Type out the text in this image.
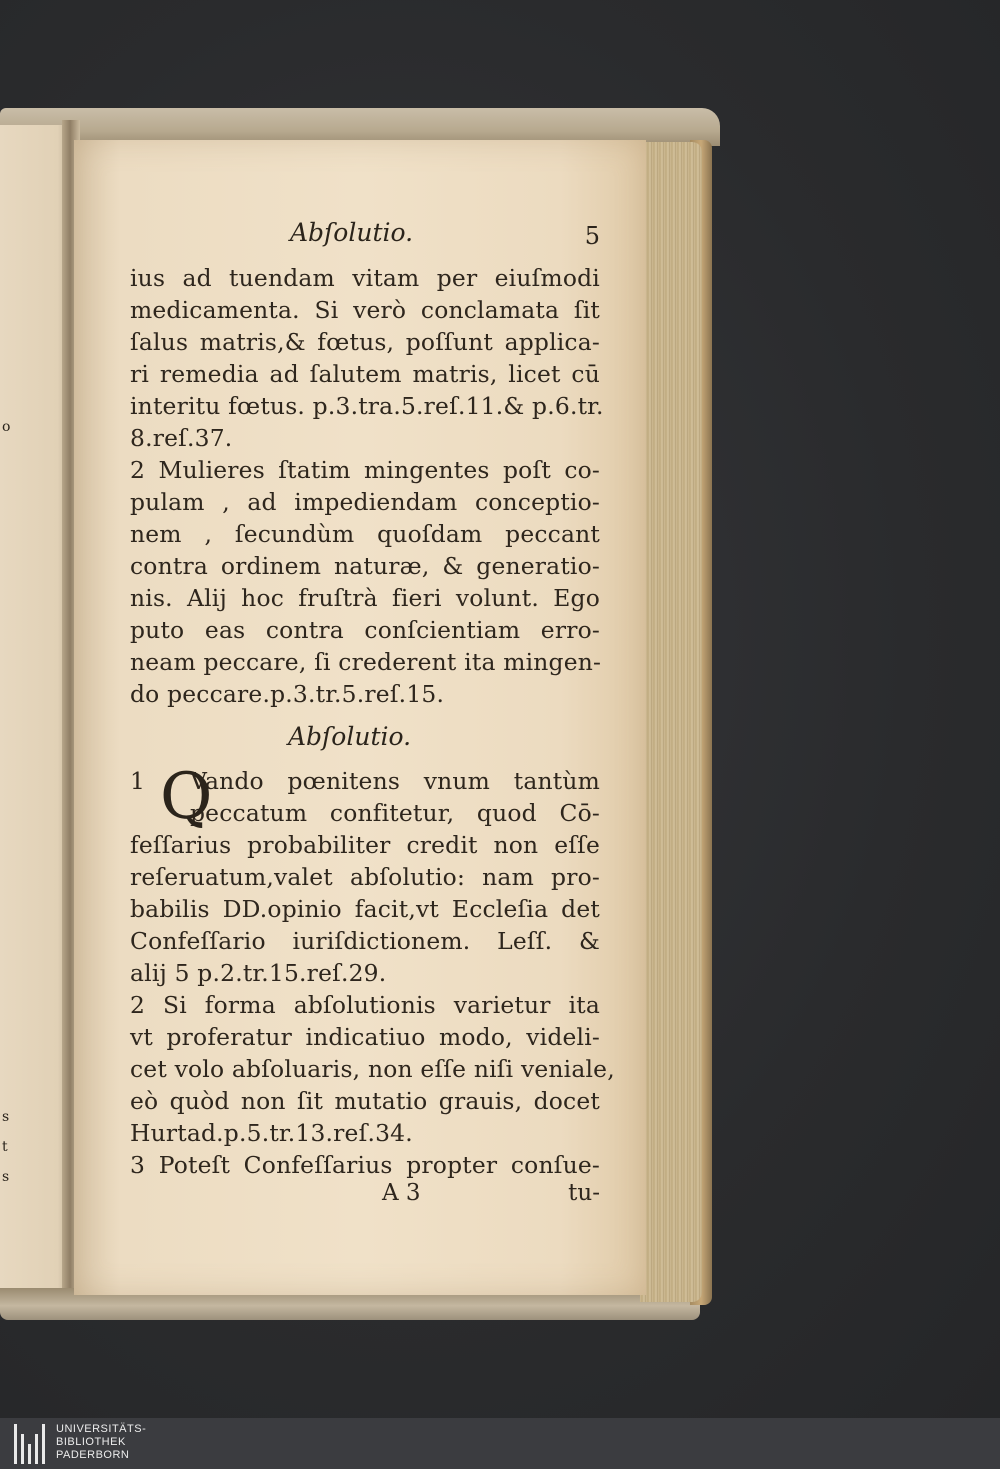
o
s
t
s
Abſolutio.	5
ius ad tuendam vitam per eiuſmodi
medicamenta. Si verò conclamata ſit
ſalus matris,& fœtus, poſſunt applica-
ri remedia ad ſalutem matris, licet cū
interitu fœtus. p.3.tra.5.reſ.11.& p.6.tr.
8.reſ.37.
2 Mulieres ſtatim mingentes poſt co-
pulam , ad impediendam conceptio-
nem , ſecundùm quoſdam peccant
contra ordinem naturæ, & generatio-
nis. Alij hoc fruſtrà fieri volunt. Ego
puto eas contra conſcientiam erro-
neam peccare, ſi crederent ita mingen-
do peccare.p.3.tr.5.reſ.15.
Abſolutio.
1	Vando pœnitens vnum tantùm
peccatum confitetur, quod Cō-
feſſarius probabiliter credit non eſſe
reſeruatum,valet abſolutio: nam pro-
babilis DD.opinio facit,vt Eccleſia det
Confeſſario iuriſdictionem. Leſſ. &
alij 5 p.2.tr.15.reſ.29.
2 Si forma abſolutionis varietur ita
vt proferatur indicatiuo modo, videli-
cet volo abſoluaris, non eſſe niſi veniale,
eò quòd non ſit mutatio grauis, docet
Hurtad.p.5.tr.13.reſ.34.
3 Poteſt Confeſſarius propter conſue-
Q
A 3	tu-
UNIVERSITÄTS-
BIBLIOTHEK
PADERBORN
